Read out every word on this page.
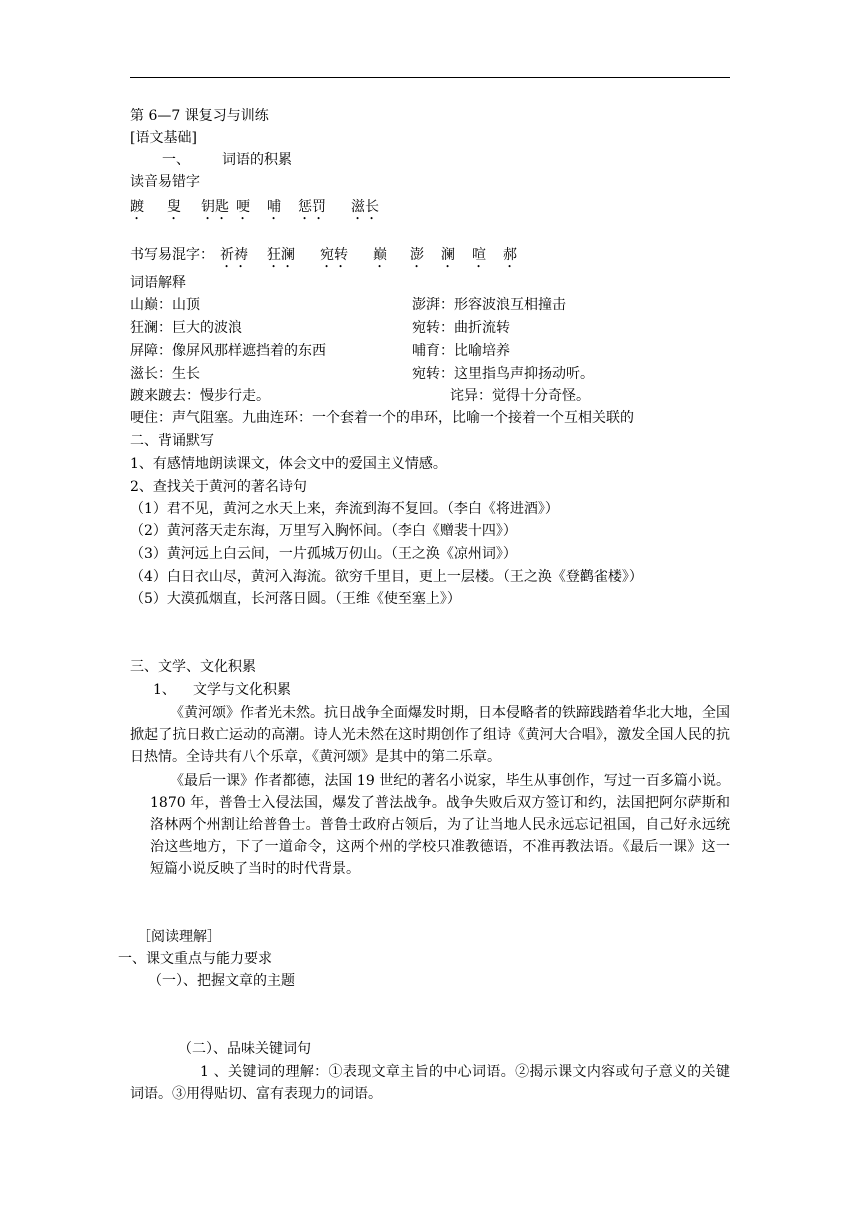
第 6—7 课复习与训练
[语文基础]
一、 词语的积累
读音易错字
踱 叟 钥匙 哽 哺 惩罚 滋长
书写易混字： 祈祷 狂澜 宛转 巅 澎 澜 喧 郝
词语解释
山巅：山顶
狂澜：巨大的波浪
屏障：像屏风那样遮挡着的东西
滋长：生长
踱来踱去：慢步行走。
澎湃：形容波浪互相撞击
宛转：曲折流转
哺育：比喻培养
宛转：这里指鸟声抑扬动听。
诧异：觉得十分奇怪。
哽住：声气阻塞。九曲连环：一个套着一个的串环，比喻一个接着一个互相关联的
二、背诵默写
1、有感情地朗读课文，体会文中的爱国主义情感。
2、查找关于黄河的著名诗句
（1）君不见，黄河之水天上来，奔流到海不复回。（李白《将进酒》）
（2）黄河落天走东海，万里写入胸怀间。（李白《赠裴十四》）
（3）黄河远上白云间，一片孤城万仞山。（王之涣《凉州词》）
（4）白日衣山尽，黄河入海流。欲穷千里目，更上一层楼。（王之涣《登鹳雀楼》）
（5）大漠孤烟直，长河落日圆。（王维《使至塞上》）
三、文学、文化积累
1、 文学与文化积累
《黄河颂》作者光未然。抗日战争全面爆发时期，日本侵略者的铁蹄践踏着华北大地，全国掀起了抗日救亡运动的高潮。诗人光未然在这时期创作了组诗《黄河大合唱》，激发全国人民的抗日热情。全诗共有八个乐章，《黄河颂》是其中的第二乐章。
《最后一课》作者都德，法国 19 世纪的著名小说家，毕生从事创作，写过一百多篇小说。1870 年，普鲁士入侵法国，爆发了普法战争。战争失败后双方签订和约，法国把阿尔萨斯和洛林两个州割让给普鲁士。普鲁士政府占领后，为了让当地人民永远忘记祖国，自己好永远统治这些地方，下了一道命令，这两个州的学校只准教德语，不准再教法语。《最后一课》这一短篇小说反映了当时的时代背景。
［阅读理解］
一、课文重点与能力要求
（一）、把握文章的主题
（二）、品味关键词句
1 、关键词的理解：①表现文章主旨的中心词语。②揭示课文内容或句子意义的关键词语。③用得贴切、富有表现力的词语。
